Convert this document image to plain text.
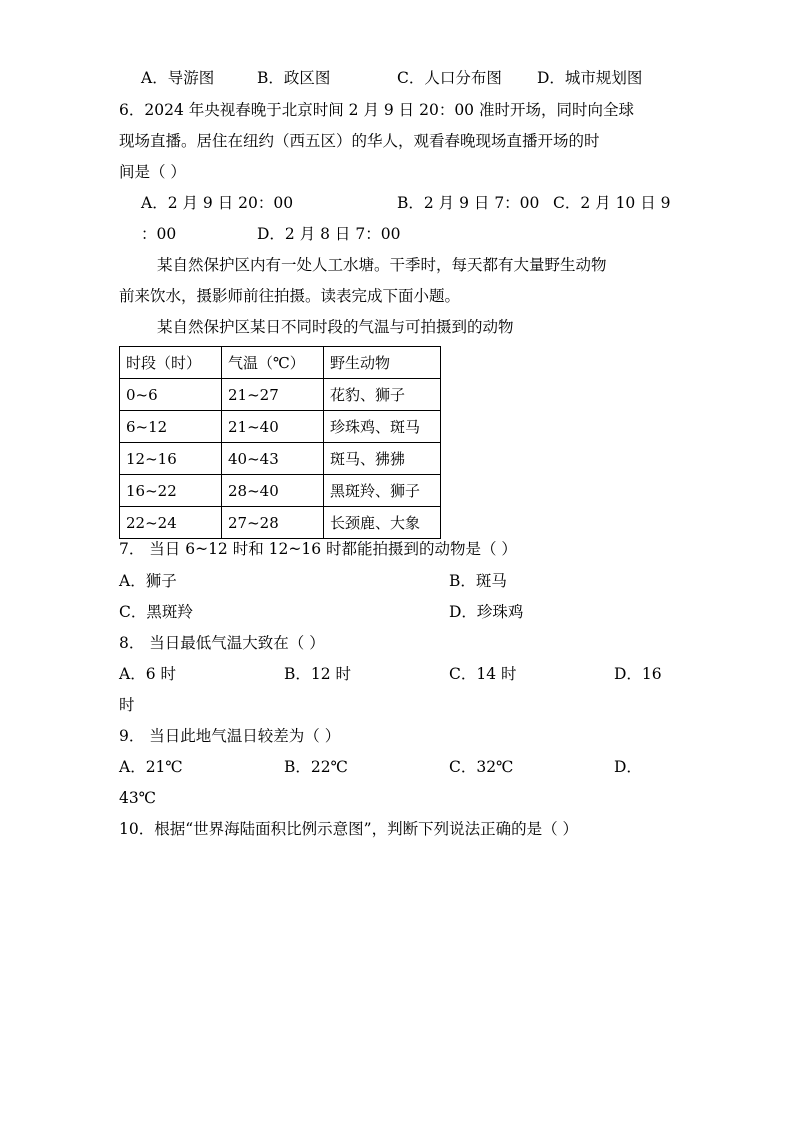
A．导游图	B．政区图	C．人口分布图 D．城市规划图
6．2024 年央视春晚于北京时间 2 月 9 日 20：00 准时开场，同时向全球
现场直播。居住在纽约（西五区）的华人，观看春晚现场直播开场的时
间是（ ）
A．2 月 9 日 20：00	B．2 月 9 日 7：00 C．2 月 10 日 9
：00	D．2 月 8 日 7：00
某自然保护区内有一处人工水塘。干季时，每天都有大量野生动物
前来饮水，摄影师前往拍摄。读表完成下面小题。
某自然保护区某日不同时段的气温与可拍摄到的动物
时段（时）	气温（℃）	野生动物
0~6	21~27	花豹、狮子
6~12	21~40	珍珠鸡、斑马
12~16	40~43	斑马、狒狒
16~22	28~40	黑斑羚、狮子
22~24	27~28	长颈鹿、大象
7． 当日 6~12 时和 12~16 时都能拍摄到的动物是（ ）
A．狮子	B．斑马
C．黑斑羚	D．珍珠鸡
8． 当日最低气温大致在（ ）
A．6 时	B．12 时	C．14 时	D．16
时
9． 当日此地气温日较差为（ ）
A．21℃	B．22℃	C．32℃	D．
43℃
10．根据“世界海陆面积比例示意图”，判断下列说法正确的是（ ）
